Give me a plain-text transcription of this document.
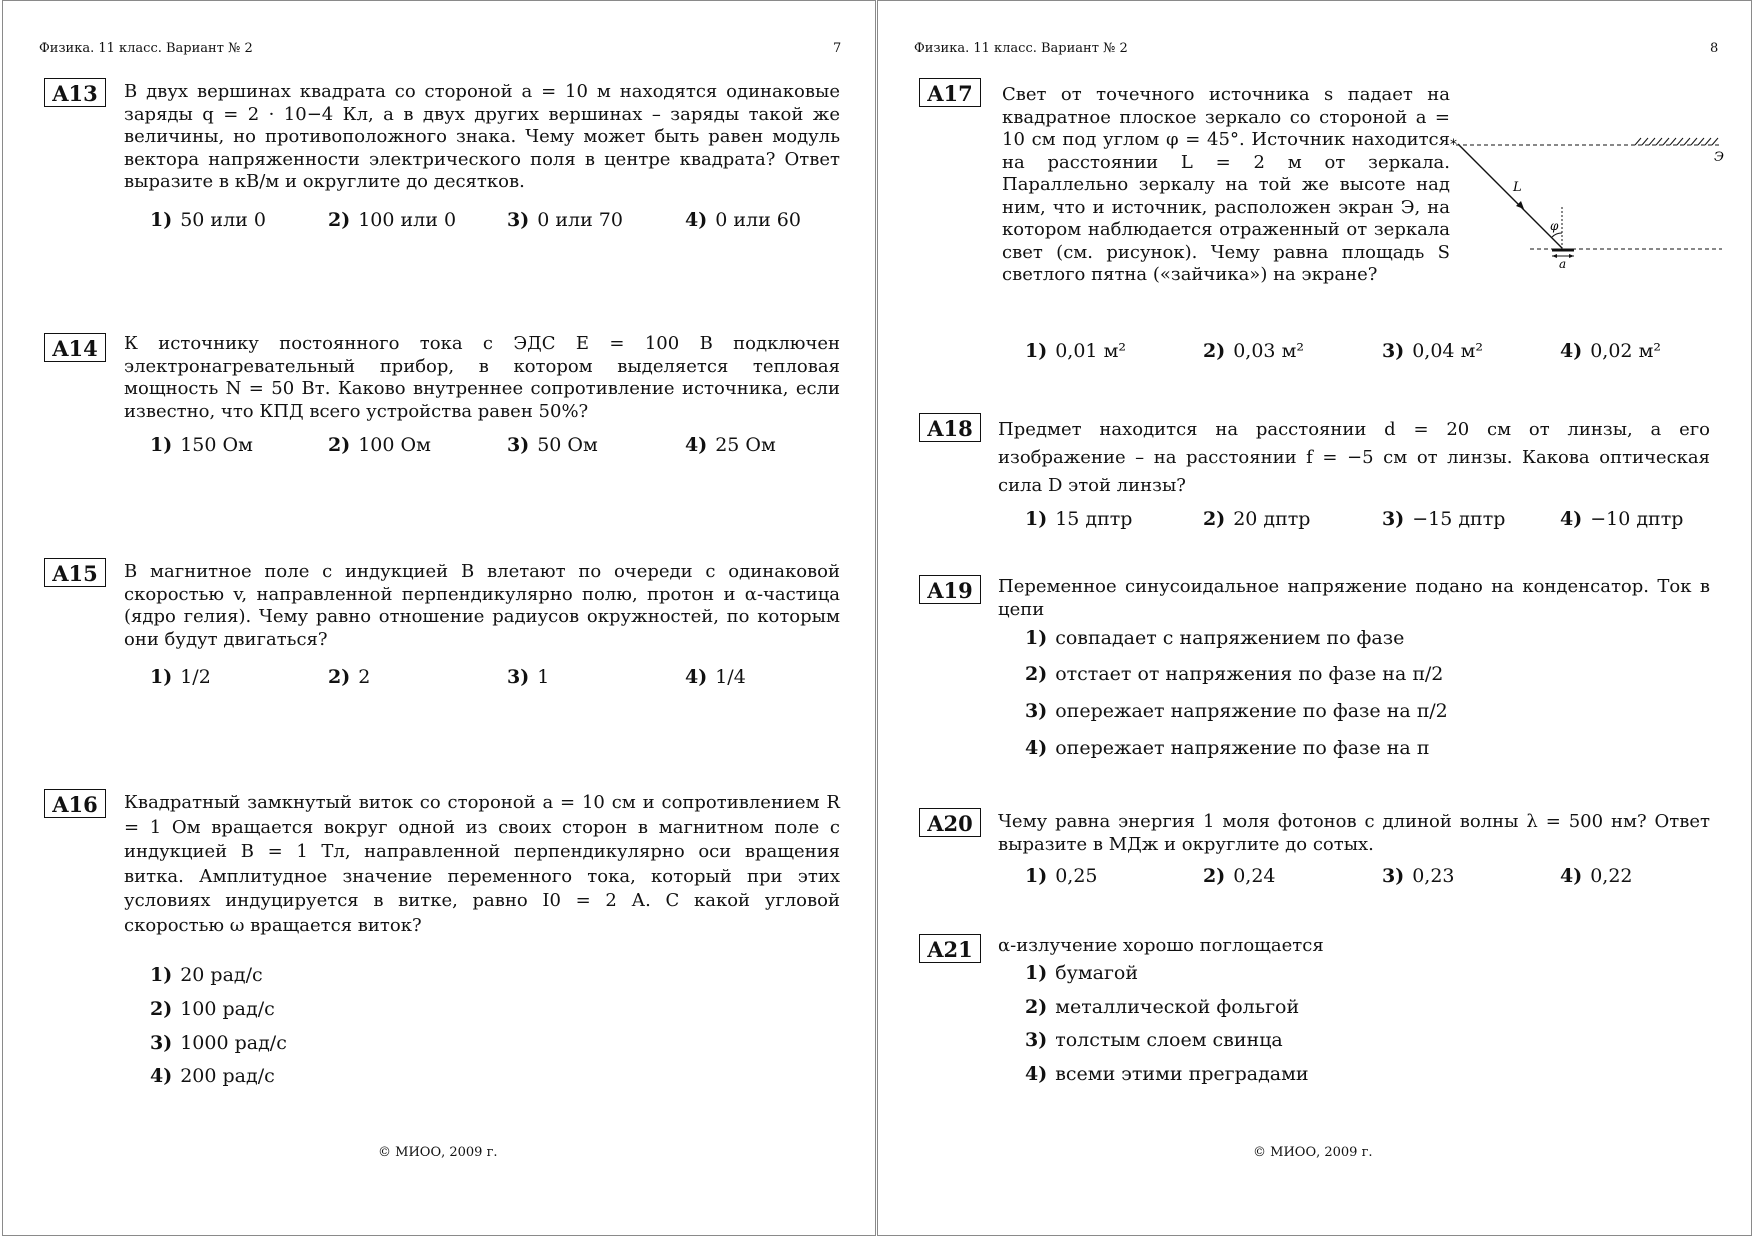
Физика. 11 класс. Вариант № 2	7
A13	В двух вершинах квадрата со стороной a = 10 м находятся одинаковые заряды q = 2 · 10−4 Кл, а в двух других вершинах – заряды такой же величины, но противоположного знака. Чему может быть равен модуль вектора напряженности электрического поля в центре квадрата? Ответ выразите в кВ/м и округлите до десятков.
1) 50 или 0	2) 100 или 0	3) 0 или 70	4) 0 или 60
A14	К источнику постоянного тока с ЭДС E = 100 В подключен электронагревательный прибор, в котором выделяется тепловая мощность N = 50 Вт. Каково внутреннее сопротивление источника, если известно, что КПД всего устройства равен 50%?
1) 150 Ом	2) 100 Ом	3) 50 Ом	4) 25 Ом
A15	В магнитное поле с индукцией B влетают по очереди с одинаковой скоростью v, направленной перпендикулярно полю, протон и α-частица (ядро гелия). Чему равно отношение радиусов окружностей, по которым они будут двигаться?
1) 1/2	2) 2	3) 1	4) 1/4
A16	Квадратный замкнутый виток со стороной a = 10 см и сопротивлением R = 1 Ом вращается вокруг одной из своих сторон в магнитном поле с индукцией B = 1 Тл, направленной перпендикулярно оси вращения витка. Амплитудное значение переменного тока, который при этих условиях индуцируется в витке, равно I0 = 2 А. С какой угловой скоростью ω вращается виток?
1) 20 рад/с
2) 100 рад/с
3) 1000 рад/с
4) 200 рад/с
© МИОО, 2009 г.
Физика. 11 класс. Вариант № 2	8
A17	Свет от точечного источника s падает на квадратное плоское зеркало со стороной a = 10 см под углом φ = 45°. Источник находится на расстоянии L = 2 м от зеркала. Параллельно зеркалу на той же высоте над ним, что и источник, расположен экран Э, на котором наблюдается отраженный от зеркала свет (см. рисунок). Чему равна площадь S светлого пятна («зайчика») на экране?
Э
*
L
φ
a
1) 0,01 м²	2) 0,03 м²	3) 0,04 м²	4) 0,02 м²
A18	Предмет находится на расстоянии d = 20 см от линзы, а его изображение – на расстоянии f = −5 см от линзы. Какова оптическая сила D этой линзы?
1) 15 дптр	2) 20 дптр	3) −15 дптр	4) −10 дптр
A19	Переменное синусоидальное напряжение подано на конденсатор. Ток в цепи
1) совпадает с напряжением по фазе
2) отстает от напряжения по фазе на π/2
3) опережает напряжение по фазе на π/2
4) опережает напряжение по фазе на π
A20	Чему равна энергия 1 моля фотонов с длиной волны λ = 500 нм? Ответ выразите в МДж и округлите до сотых.
1) 0,25	2) 0,24	3) 0,23	4) 0,22
A21	α-излучение хорошо поглощается
1) бумагой
2) металлической фольгой
3) толстым слоем свинца
4) всеми этими преградами
© МИОО, 2009 г.
